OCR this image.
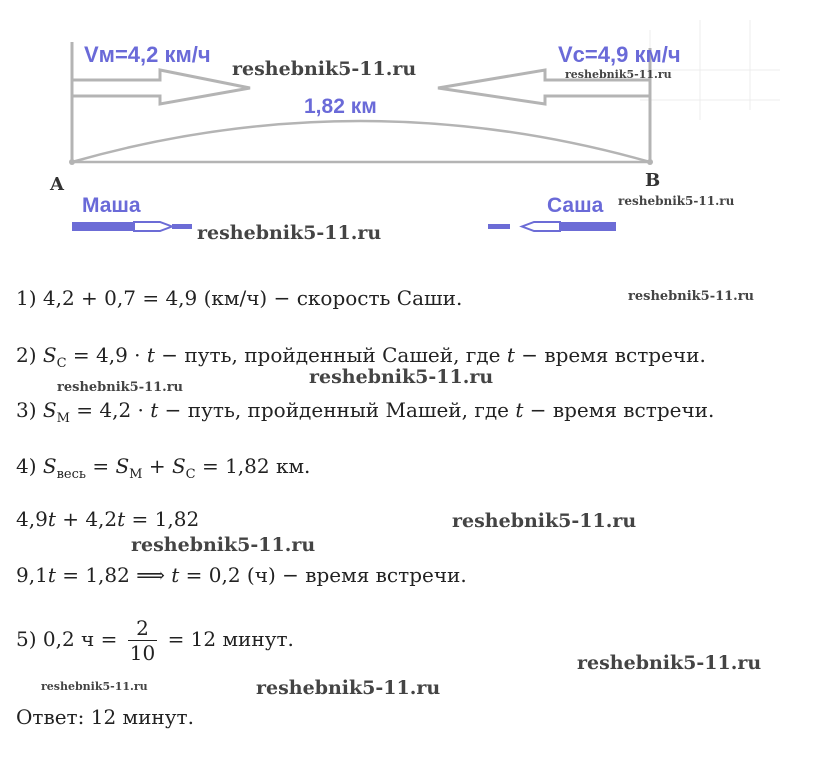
Vм=4,2 км/ч	Vc=4,9 км/ч
1,82 км
A	B
Маша	Саша
1) 4,2 + 0,7 = 4,9 (км/ч) − скорость Саши.
2) $S_С = 4,9 \cdot t$ − путь, пройденный Сашей, где t − время встречи.
3) $S_М = 4,2 \cdot t$ − путь, пройденный Машей, где t − время встречи.
4) $S_{весь} = S_М + S_С = 1,82$ км.
4,9t + 4,2t = 1,82
9,1t = 1,82 ⟹ t = 0,2 (ч) − время встречи.
5) 0,2 $ч = \frac{2}{10} = 12$ минут.
Ответ: 12 минут.
reshebnik5-11.ru	reshebnik5-11.ru
reshebnik5-11.ru
reshebnik5-11.ru
reshebnik5-11.ru
reshebnik5-11.ru	reshebnik5-11.ru
reshebnik5-11.ru
reshebnik5-11.ru
reshebnik5-11.ru
reshebnik5-11.ru	reshebnik5-11.ru
